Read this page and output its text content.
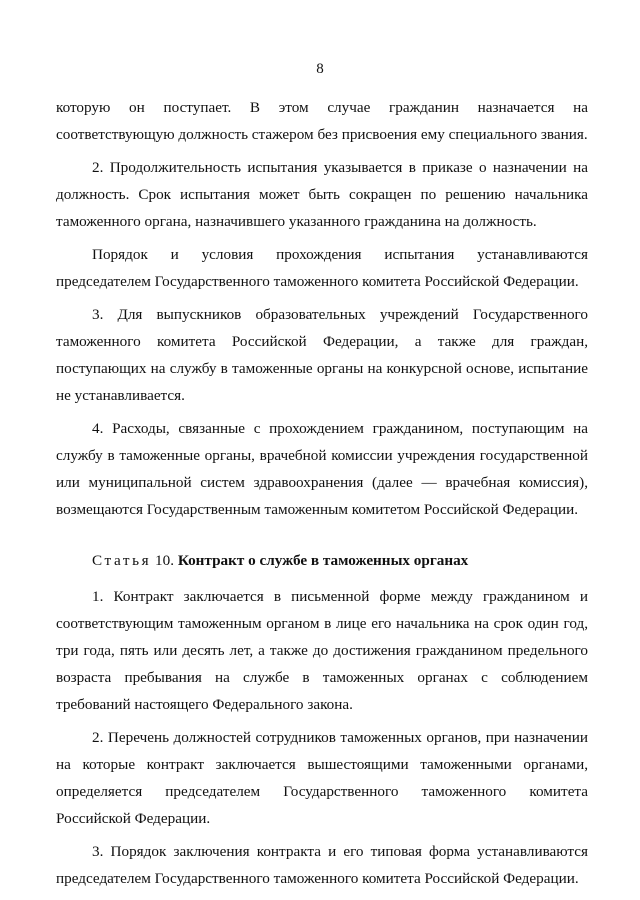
8
которую он поступает. В этом случае гражданин назначается на
соответствующую должность стажером без присвоения ему специального звания.
2. Продолжительность испытания указывается в приказе о назначении на
должность. Срок испытания может быть сокращен по решению начальника
таможенного органа, назначившего указанного гражданина на должность.
Порядок и условия прохождения испытания устанавливаются
председателем Государственного таможенного комитета Российской Федерации.
3. Для выпускников образовательных учреждений Государственного
таможенного комитета Российской Федерации, а также для граждан,
поступающих на службу в таможенные органы на конкурсной основе, испытание
не устанавливается.
4. Расходы, связанные с прохождением гражданином, поступающим на
службу в таможенные органы, врачебной комиссии учреждения государственной
или муниципальной систем здравоохранения (далее — врачебная комиссия),
возмещаются Государственным таможенным комитетом Российской Федерации.
Статья 10. Контракт о службе в таможенных органах
1. Контракт заключается в письменной форме между гражданином и
соответствующим таможенным органом в лице его начальника на срок один год,
три года, пять или десять лет, а также до достижения гражданином предельного
возраста пребывания на службе в таможенных органах с соблюдением
требований настоящего Федерального закона.
2. Перечень должностей сотрудников таможенных органов, при назначении
на которые контракт заключается вышестоящими таможенными органами,
определяется председателем Государственного таможенного комитета
Российской Федерации.
3. Порядок заключения контракта и его типовая форма устанавливаются
председателем Государственного таможенного комитета Российской Федерации.
